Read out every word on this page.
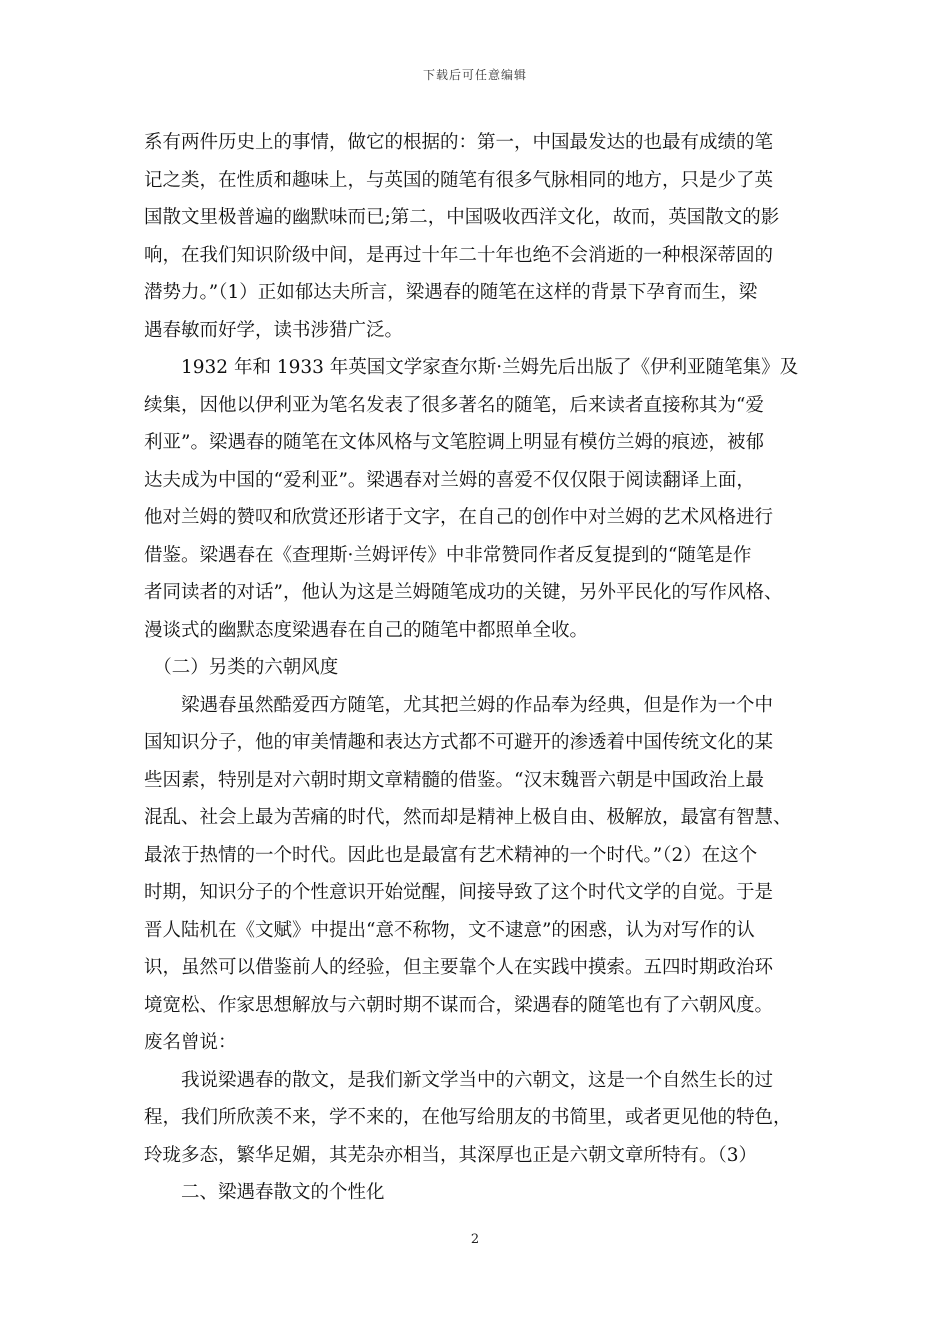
下载后可任意编辑
系有两件历史上的事情，做它的根据的：第一，中国最发达的也最有成绩的笔
记之类，在性质和趣味上，与英国的随笔有很多气脉相同的地方，只是少了英
国散文里极普遍的幽默味而已;第二，中国吸收西洋文化，故而，英国散文的影
响，在我们知识阶级中间，是再过十年二十年也绝不会消逝的一种根深蒂固的
潜势力。”（1）正如郁达夫所言，梁遇春的随笔在这样的背景下孕育而生，梁
遇春敏而好学，读书涉猎广泛。
　　1932 年和 1933 年英国文学家查尔斯·兰姆先后出版了《伊利亚随笔集》及
续集，因他以伊利亚为笔名发表了很多著名的随笔，后来读者直接称其为“爱
利亚”。梁遇春的随笔在文体风格与文笔腔调上明显有模仿兰姆的痕迹，被郁
达夫成为中国的“爱利亚”。梁遇春对兰姆的喜爱不仅仅限于阅读翻译上面，
他对兰姆的赞叹和欣赏还形诸于文字，在自己的创作中对兰姆的艺术风格进行
借鉴。梁遇春在《查理斯·兰姆评传》中非常赞同作者反复提到的“随笔是作
者同读者的对话”，他认为这是兰姆随笔成功的关键，另外平民化的写作风格、
漫谈式的幽默态度梁遇春在自己的随笔中都照单全收。
　（二）另类的六朝风度
　　梁遇春虽然酷爱西方随笔，尤其把兰姆的作品奉为经典，但是作为一个中
国知识分子，他的审美情趣和表达方式都不可避开的渗透着中国传统文化的某
些因素，特别是对六朝时期文章精髓的借鉴。“汉末魏晋六朝是中国政治上最
混乱、社会上最为苦痛的时代，然而却是精神上极自由、极解放，最富有智慧、
最浓于热情的一个时代。因此也是最富有艺术精神的一个时代。”（2）在这个
时期，知识分子的个性意识开始觉醒，间接导致了这个时代文学的自觉。于是
晋人陆机在《文赋》中提出“意不称物，文不逮意”的困惑，认为对写作的认
识，虽然可以借鉴前人的经验，但主要靠个人在实践中摸索。五四时期政治环
境宽松、作家思想解放与六朝时期不谋而合，梁遇春的随笔也有了六朝风度。
废名曾说：
　　我说梁遇春的散文，是我们新文学当中的六朝文，这是一个自然生长的过
程，我们所欣羡不来，学不来的，在他写给朋友的书简里，或者更见他的特色，
玲珑多态，繁华足媚，其芜杂亦相当，其深厚也正是六朝文章所特有。（3）
　　二、梁遇春散文的个性化
2
